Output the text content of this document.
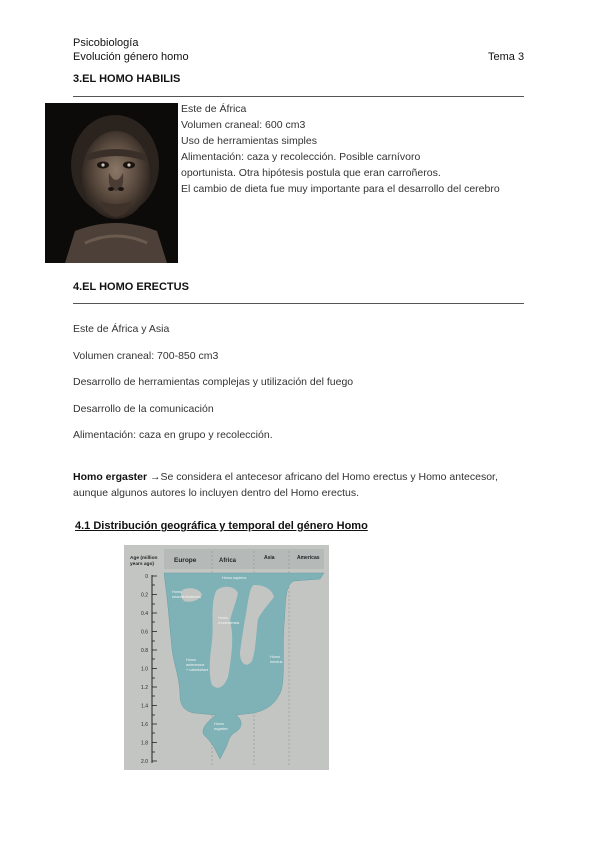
Psicobiología
Evolución género homo	Tema 3
3.EL HOMO HABILIS
Este de África
Volumen craneal: 600 cm3
Uso de herramientas simples
Alimentación: caza y recolección. Posible carnívoro
oportunista. Otra hipótesis postula que eran carroñeros.
El cambio de dieta fue muy importante para el desarrollo del cerebro
4.EL HOMO ERECTUS
Este de África y Asia
Volumen craneal: 700-850 cm3
Desarrollo de herramientas complejas y utilización del fuego
Desarrollo de la comunicación
Alimentación: caza en grupo y recolección.
Homo ergaster →Se considera el antecesor africano del Homo erectus y Homo antecesor,
aunque algunos autores lo incluyen dentro del Homo erectus.
4.1 Distribución geográfica y temporal del género Homo
Age (million
years ago)
Europe	Africa	Asia	Americas
0
0.2
0.4
0.6
0.8
1.0
1.2
1.4
1.6
1.8
2.0
Homo sapiens
Homo
neanderthalensis
Homo
rhodesiensis
Homo
erectus
Homo
antecessor
+ uzbeksitani
Homo
ergaster
